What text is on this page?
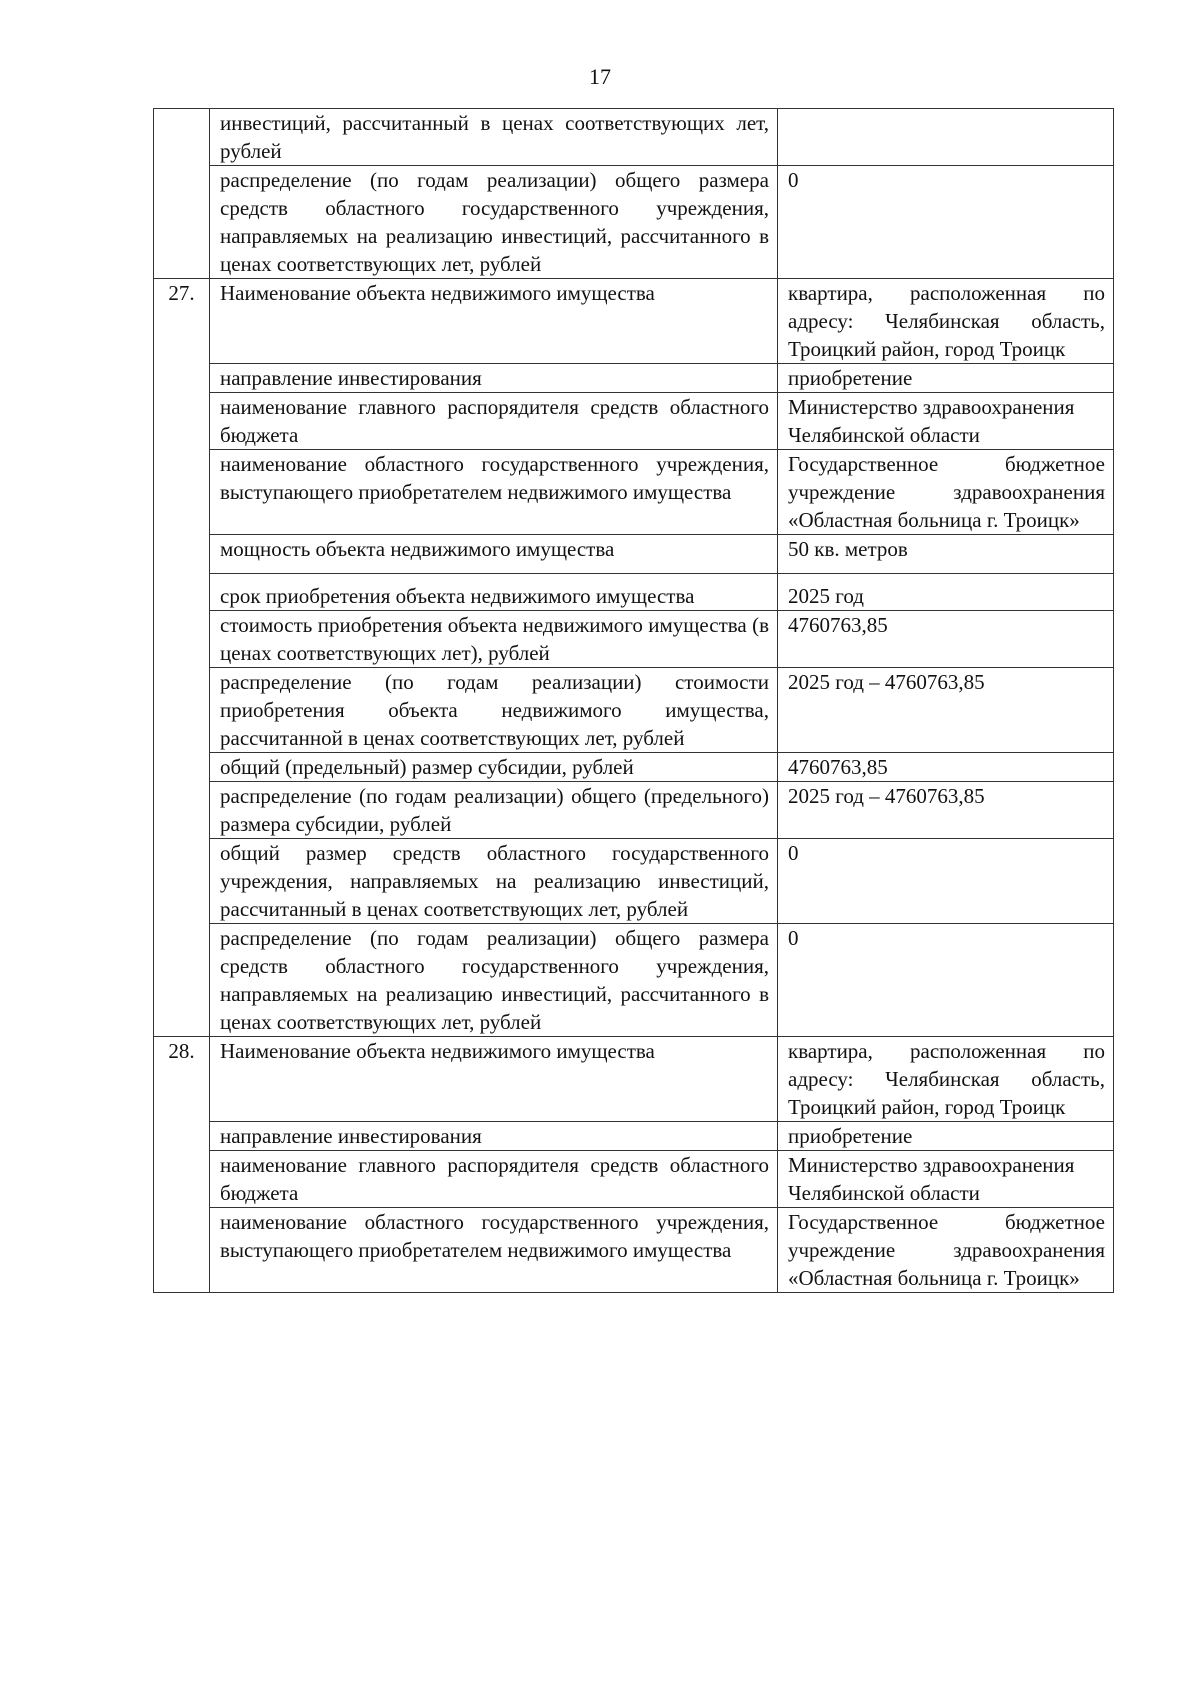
17
	инвестиций, рассчитанный в ценах соответствующих лет, рублей	
	распределение (по годам реализации) общего размера средств областного государственного учреждения, направляемых на реализацию инвестиций, рассчитанного в ценах соответствующих лет, рублей	0
27.	Наименование объекта недвижимого имущества	квартира, расположенная по адресу: Челябинская область, Троицкий район, город Троицк
	направление инвестирования	приобретение
	наименование главного распорядителя средств областного бюджета	Министерство здравоохранения Челябинской области
	наименование областного государственного учреждения, выступающего приобретателем недвижимого имущества	Государственное бюджетное учреждение здравоохранения «Областная больница г. Троицк»
	мощность объекта недвижимого имущества	50 кв. метров
	срок приобретения объекта недвижимого имущества	2025 год
	стоимость приобретения объекта недвижимого имущества (в ценах соответствующих лет), рублей	4760763,85
	распределение (по годам реализации) стоимости приобретения объекта недвижимого имущества, рассчитанной в ценах соответствующих лет, рублей	2025 год – 4760763,85
	общий (предельный) размер субсидии, рублей	4760763,85
	распределение (по годам реализации) общего (предельного) размера субсидии, рублей	2025 год – 4760763,85
	общий размер средств областного государственного учреждения, направляемых на реализацию инвестиций, рассчитанный в ценах соответствующих лет, рублей	0
	распределение (по годам реализации) общего размера средств областного государственного учреждения, направляемых на реализацию инвестиций, рассчитанного в ценах соответствующих лет, рублей	0
28.	Наименование объекта недвижимого имущества	квартира, расположенная по адресу: Челябинская область, Троицкий район, город Троицк
	направление инвестирования	приобретение
	наименование главного распорядителя средств областного бюджета	Министерство здравоохранения Челябинской области
	наименование областного государственного учреждения, выступающего приобретателем недвижимого имущества	Государственное бюджетное учреждение здравоохранения «Областная больница г. Троицк»
